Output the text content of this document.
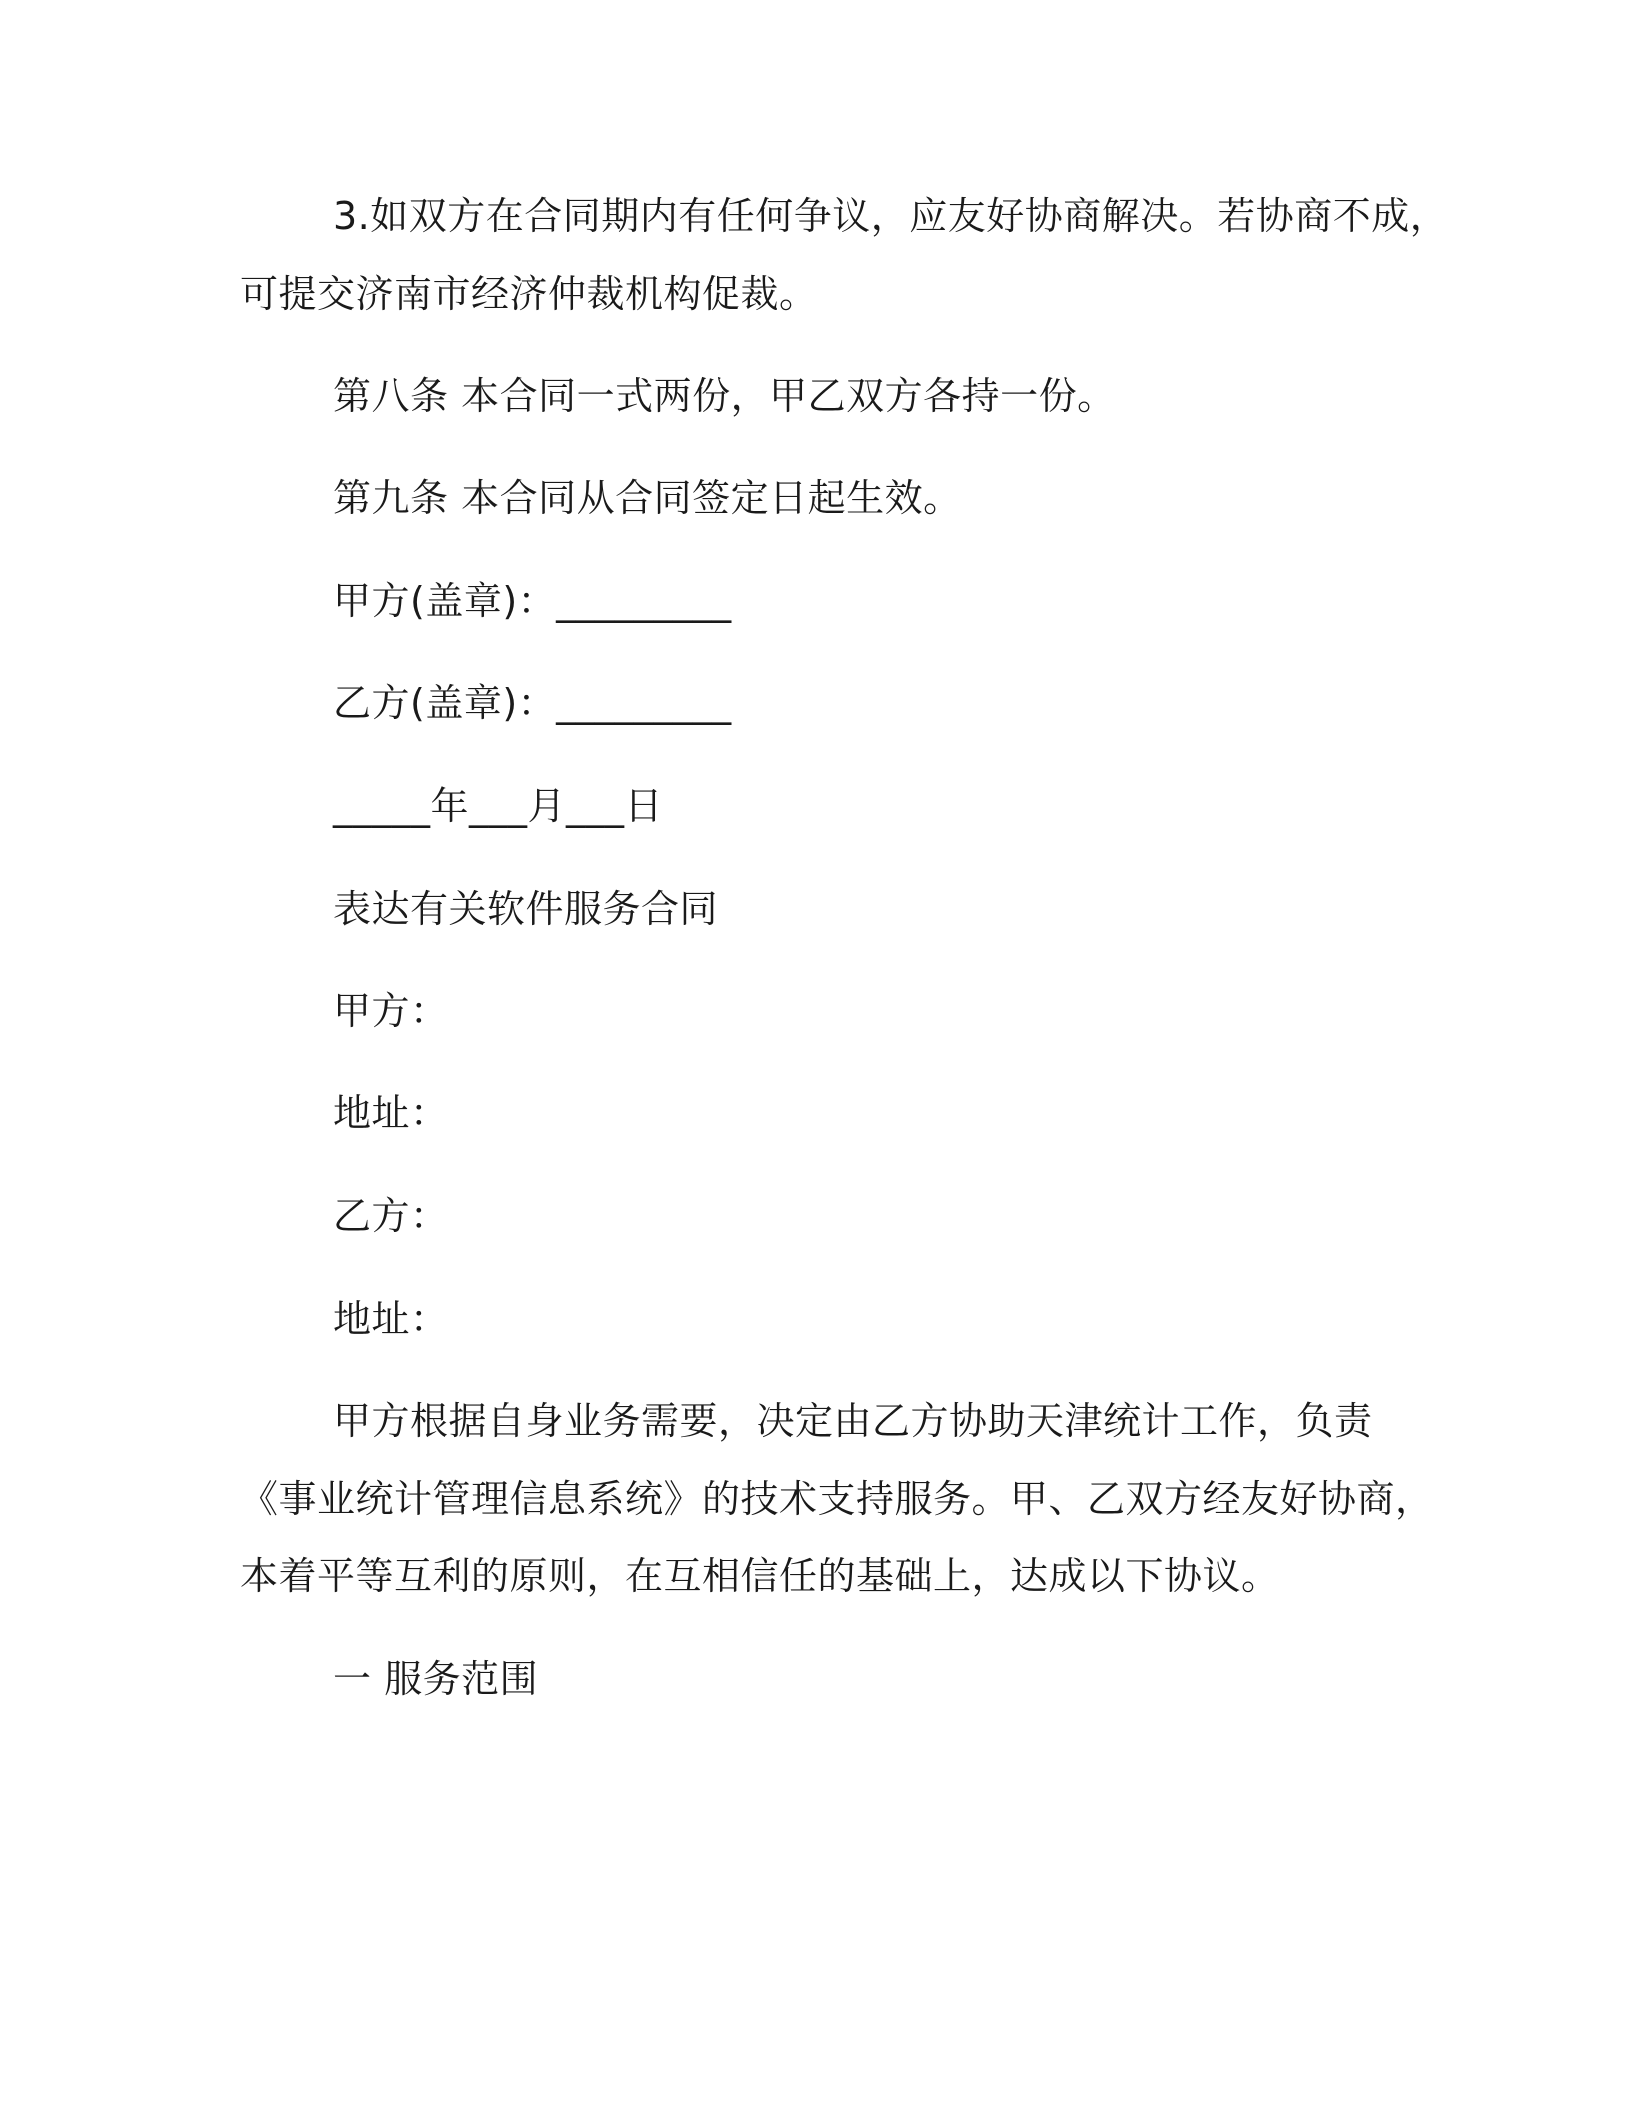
3.如双方在合同期内有任何争议，应友好协商解决。若协商不成，
可提交济南市经济仲裁机构促裁。
第八条 本合同一式两份，甲乙双方各持一份。
第九条 本合同从合同签定日起生效。
甲方(盖章)：_________
乙方(盖章)：_________
_____年___月___日
表达有关软件服务合同
甲方：
地址：
乙方：
地址：
甲方根据自身业务需要，决定由乙方协助天津统计工作，负责
《事业统计管理信息系统》的技术支持服务。甲、乙双方经友好协商，
本着平等互利的原则，在互相信任的基础上，达成以下协议。
一 服务范围
